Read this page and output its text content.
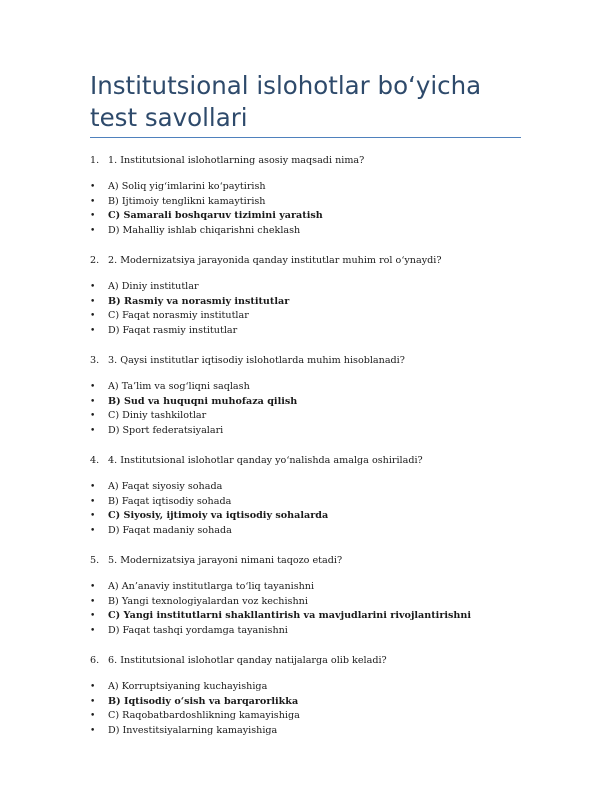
Institutsional islohotlar bo‘yicha test savollari
1. 1. Institutsional islohotlarning asosiy maqsadi nima?
• A) Soliq yig‘imlarini ko‘paytirish
• B) Ijtimoiy tenglikni kamaytirish
• C) Samarali boshqaruv tizimini yaratish
• D) Mahalliy ishlab chiqarishni cheklash
2. 2. Modernizatsiya jarayonida qanday institutlar muhim rol o‘ynaydi?
• A) Diniy institutlar
• B) Rasmiy va norasmiy institutlar
• C) Faqat norasmiy institutlar
• D) Faqat rasmiy institutlar
3. 3. Qaysi institutlar iqtisodiy islohotlarda muhim hisoblanadi?
• A) Ta’lim va sog‘liqni saqlash
• B) Sud va huquqni muhofaza qilish
• C) Diniy tashkilotlar
• D) Sport federatsiyalari
4. 4. Institutsional islohotlar qanday yo‘nalishda amalga oshiriladi?
• A) Faqat siyosiy sohada
• B) Faqat iqtisodiy sohada
• C) Siyosiy, ijtimoiy va iqtisodiy sohalarda
• D) Faqat madaniy sohada
5. 5. Modernizatsiya jarayoni nimani taqozo etadi?
• A) An’anaviy institutlarga to‘liq tayanishni
• B) Yangi texnologiyalardan voz kechishni
• C) Yangi institutlarni shakllantirish va mavjudlarini rivojlantirishni
• D) Faqat tashqi yordamga tayanishni
6. 6. Institutsional islohotlar qanday natijalarga olib keladi?
• A) Korruptsiyaning kuchayishiga
• B) Iqtisodiy o‘sish va barqarorlikka
• C) Raqobatbardoshlikning kamayishiga
• D) Investitsiyalarning kamayishiga
